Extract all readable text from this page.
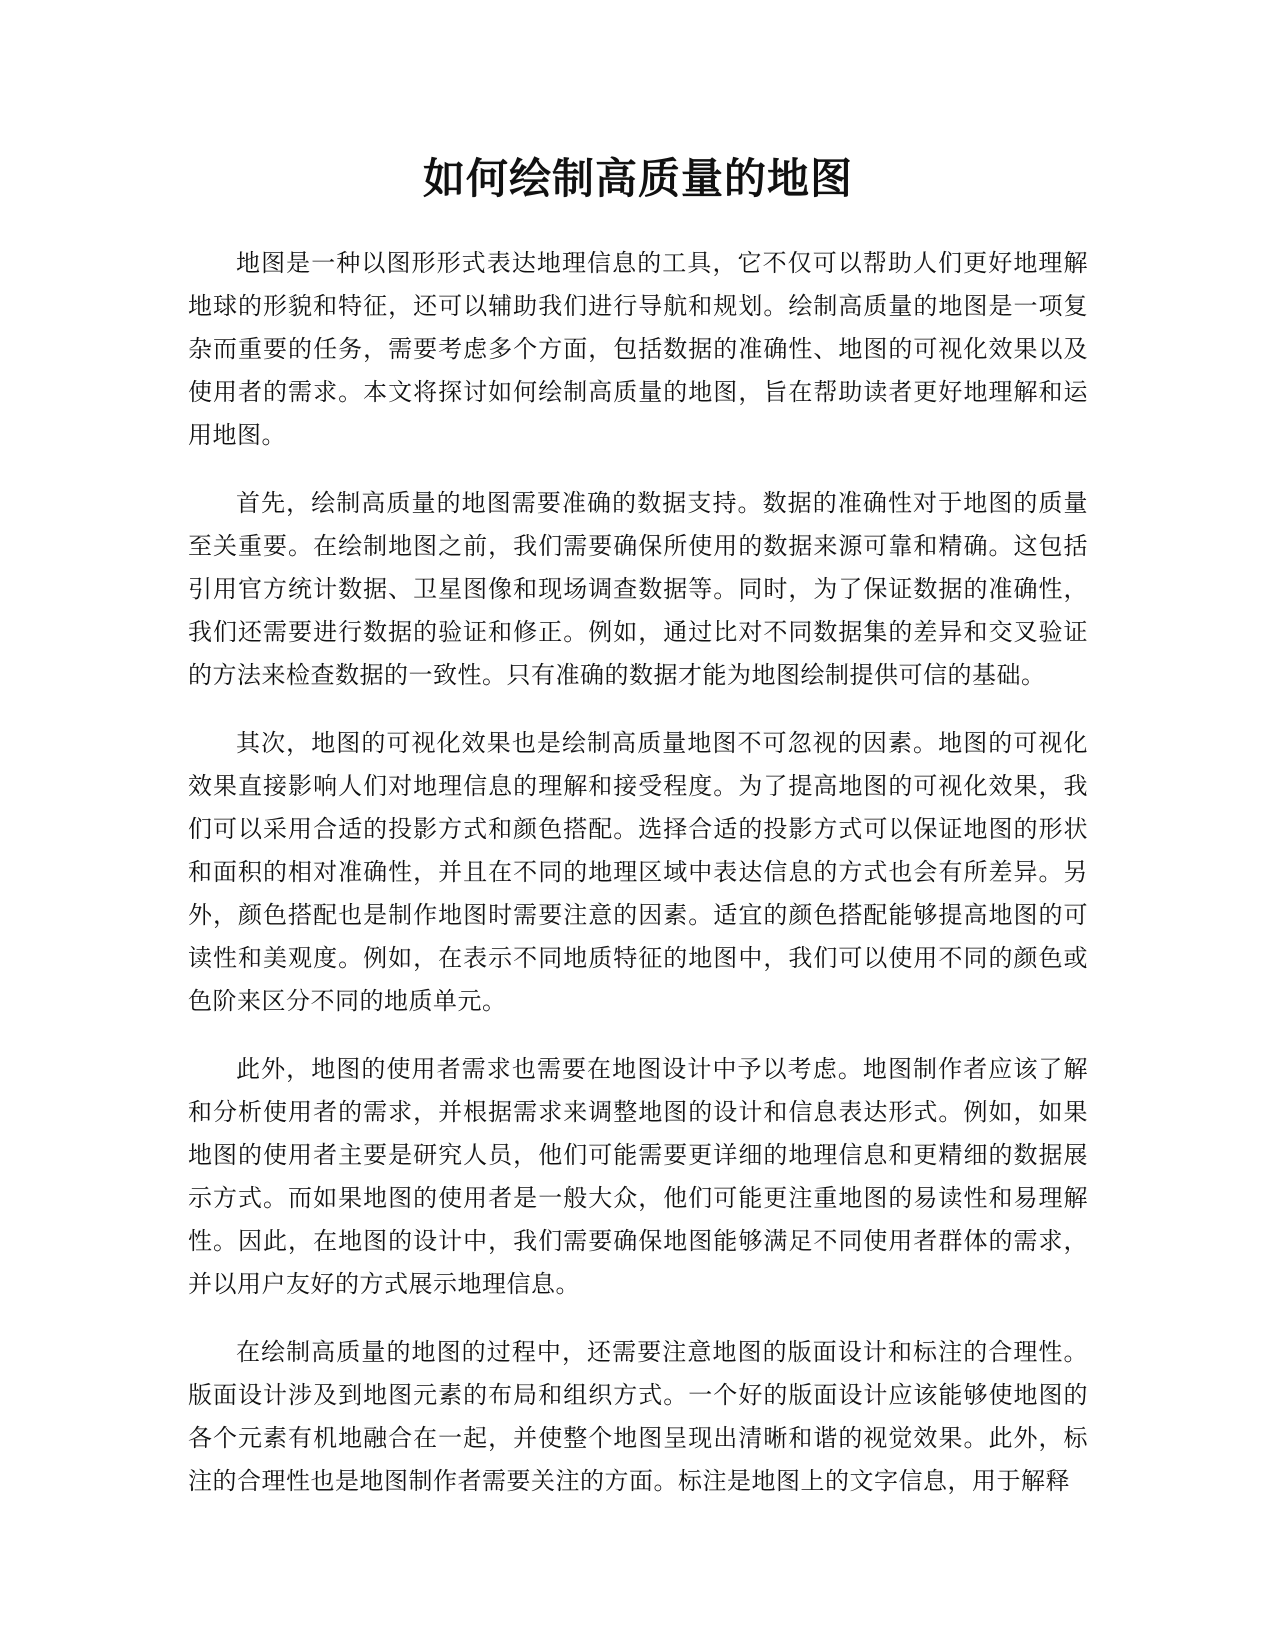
如何绘制高质量的地图

地图是一种以图形形式表达地理信息的工具，它不仅可以帮助人们更好地理解地球的形貌和特征，还可以辅助我们进行导航和规划。绘制高质量的地图是一项复杂而重要的任务，需要考虑多个方面，包括数据的准确性、地图的可视化效果以及使用者的需求。本文将探讨如何绘制高质量的地图，旨在帮助读者更好地理解和运用地图。

首先，绘制高质量的地图需要准确的数据支持。数据的准确性对于地图的质量至关重要。在绘制地图之前，我们需要确保所使用的数据来源可靠和精确。这包括引用官方统计数据、卫星图像和现场调查数据等。同时，为了保证数据的准确性，我们还需要进行数据的验证和修正。例如，通过比对不同数据集的差异和交叉验证的方法来检查数据的一致性。只有准确的数据才能为地图绘制提供可信的基础。

其次，地图的可视化效果也是绘制高质量地图不可忽视的因素。地图的可视化效果直接影响人们对地理信息的理解和接受程度。为了提高地图的可视化效果，我们可以采用合适的投影方式和颜色搭配。选择合适的投影方式可以保证地图的形状和面积的相对准确性，并且在不同的地理区域中表达信息的方式也会有所差异。另外，颜色搭配也是制作地图时需要注意的因素。适宜的颜色搭配能够提高地图的可读性和美观度。例如，在表示不同地质特征的地图中，我们可以使用不同的颜色或色阶来区分不同的地质单元。

此外，地图的使用者需求也需要在地图设计中予以考虑。地图制作者应该了解和分析使用者的需求，并根据需求来调整地图的设计和信息表达形式。例如，如果地图的使用者主要是研究人员，他们可能需要更详细的地理信息和更精细的数据展示方式。而如果地图的使用者是一般大众，他们可能更注重地图的易读性和易理解性。因此，在地图的设计中，我们需要确保地图能够满足不同使用者群体的需求，并以用户友好的方式展示地理信息。

在绘制高质量的地图的过程中，还需要注意地图的版面设计和标注的合理性。版面设计涉及到地图元素的布局和组织方式。一个好的版面设计应该能够使地图的各个元素有机地融合在一起，并使整个地图呈现出清晰和谐的视觉效果。此外，标注的合理性也是地图制作者需要关注的方面。标注是地图上的文字信息，用于解释
